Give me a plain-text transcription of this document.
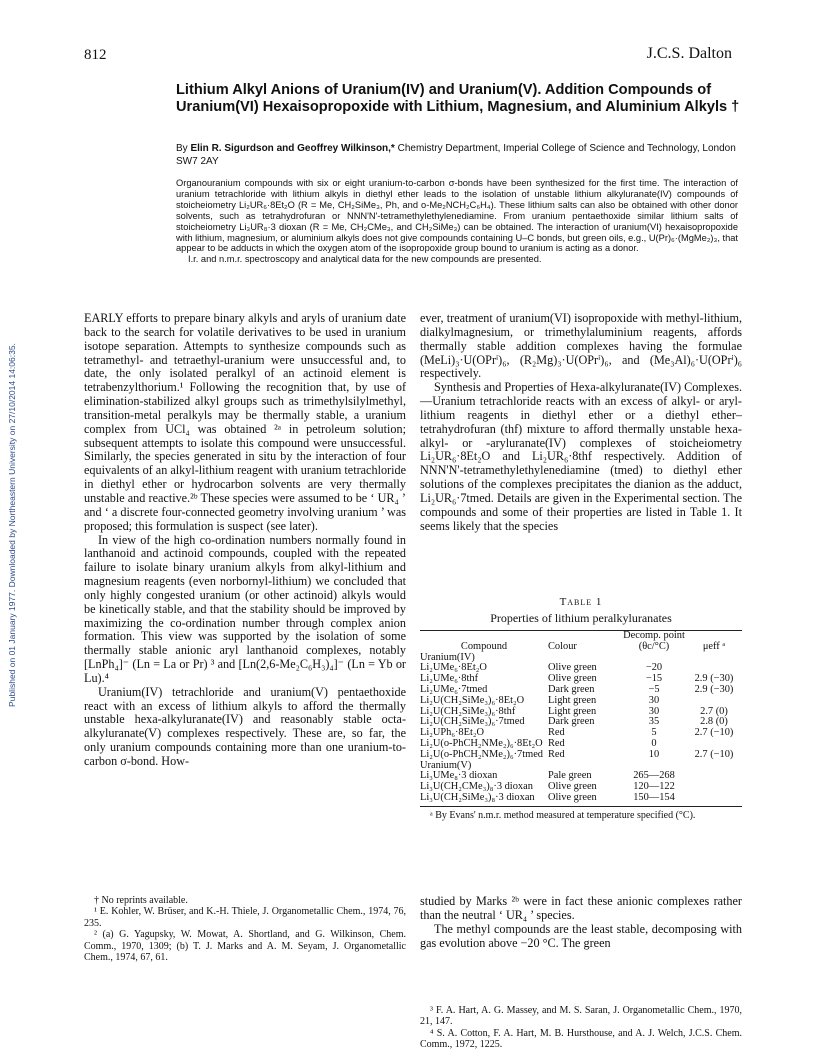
Published on 01 January 1977. Downloaded by Northeastern University on 27/10/2014 14:06:35.
812	J.C.S. Dalton
Lithium Alkyl Anions of Uranium(IV) and Uranium(V). Addition Compounds of Uranium(VI) Hexaisopropoxide with Lithium, Magnesium, and Aluminium Alkyls †
By Elin R. Sigurdson and Geoffrey Wilkinson,* Chemistry Department, Imperial College of Science and Technology, London SW7 2AY

Organouranium compounds with six or eight uranium-to-carbon σ-bonds have been synthesized for the first time. The interaction of uranium tetrachloride with lithium alkyls in diethyl ether leads to the isolation of unstable lithium alkyluranate(IV) compounds of stoicheiometry Li₂UR₆·8Et₂O (R = Me, CH₂SiMe₃, Ph, and o-Me₂NCH₂C₆H₄). These lithium salts can also be obtained with other donor solvents, such as tetrahydrofuran or NNN'N'-tetramethylethylenediamine. From uranium pentaethoxide similar lithium salts of stoicheiometry Li₃UR₈·3 dioxan (R = Me, CH₂CMe₃, and CH₂SiMe₃) can be obtained. The interaction of uranium(VI) hexaisopropoxide with lithium, magnesium, or aluminium alkyls does not give compounds containing U–C bonds, but green oils, e.g., U(Pr)₆·(MgMe₂)₃, that appear to be adducts in which the oxygen atom of the isopropoxide group bound to uranium is acting as a donor.

I.r. and n.m.r. spectroscopy and analytical data for the new compounds are presented.

EARLY efforts to prepare binary alkyls and aryls of uranium date back to the search for volatile derivatives to be used in uranium isotope separation. Attempts to synthesize compounds such as tetramethyl- and tetraethyl-uranium were unsuccessful and, to date, the only isolated peralkyl of an actinoid element is tetrabenzylthorium.¹ Following the recognition that, by use of elimination-stabilized alkyl groups such as trimethylsilylmethyl, transition-metal peralkyls may be thermally stable, a uranium complex from UCl₄ was obtained ²ᵃ in petroleum solution; subsequent attempts to isolate this compound were unsuccessful. Similarly, the species generated in situ by the interaction of four equivalents of an alkyl-lithium reagent with uranium tetrachloride in diethyl ether or hydrocarbon solvents are very thermally unstable and reactive.²ᵇ These species were assumed to be ‘ UR₄ ’ and ‘ a discrete four-connected geometry involving uranium ’ was proposed; this formulation is suspect (see later).

In view of the high co-ordination numbers normally found in lanthanoid and actinoid compounds, coupled with the repeated failure to isolate binary uranium alkyls from alkyl-lithium and magnesium reagents (even norbornyl-lithium) we concluded that only highly congested uranium (or other actinoid) alkyls would be kinetically stable, and that the stability should be improved by maximizing the co-ordination number through complex anion formation. This view was supported by the isolation of some thermally stable anionic aryl lanthanoid complexes, notably [LnPh₄]⁻ (Ln = La or Pr) ³ and [Ln(2,6-Me₂C₆H₃)₄]⁻ (Ln = Yb or Lu).⁴

Uranium(IV) tetrachloride and uranium(V) pentaethoxide react with an excess of lithium alkyls to afford the thermally unstable hexa-alkyluranate(IV) and reasonably stable octa-alkyluranate(V) complexes respectively. These are, so far, the only uranium compounds containing more than one uranium-to-carbon σ-bond. How-

† No reprints available.

¹ E. Kohler, W. Brüser, and K.-H. Thiele, J. Organometallic Chem., 1974, 76, 235.

² (a) G. Yagupsky, W. Mowat, A. Shortland, and G. Wilkinson, Chem. Comm., 1970, 1309; (b) T. J. Marks and A. M. Seyam, J. Organometallic Chem., 1974, 67, 61.

ever, treatment of uranium(VI) isopropoxide with methyl-lithium, dialkylmagnesium, or trimethylaluminium reagents, affords thermally stable addition complexes having the formulae (MeLi)₃·U(OPrⁱ)₆, (R₂Mg)₃·U(OPrⁱ)₆, and (Me₃Al)₆·U(OPrⁱ)₆ respectively.

Synthesis and Properties of Hexa-alkyluranate(IV) Complexes.—Uranium tetrachloride reacts with an excess of alkyl- or aryl-lithium reagents in diethyl ether or a diethyl ether–tetrahydrofuran (thf) mixture to afford thermally unstable hexa-alkyl- or -aryluranate(IV) complexes of stoicheiometry Li₂UR₆·8Et₂O and Li₂UR₆·8thf respectively. Addition of NNN'N'-tetramethylethylenediamine (tmed) to diethyl ether solutions of the complexes precipitates the dianion as the adduct, Li₂UR₆·7tmed. Details are given in the Experimental section. The compounds and some of their properties are listed in Table 1. It seems likely that the species

Table 1
Properties of lithium peralkyluranates

Compound	Colour	Decomp. point (θc/°C)	μeff ᵃ
Uranium(IV)			
Li₂UMe₆·8Et₂O	Olive green	−20	
Li₂UMe₆·8thf	Olive green	−15	2.9 (−30)
Li₂UMe₆·7tmed	Dark green	−5	2.9 (−30)
Li₂U(CH₂SiMe₃)₆·8Et₂O	Light green	30	
Li₂U(CH₂SiMe₃)₆·8thf	Light green	30	2.7 (0)
Li₂U(CH₂SiMe₃)₆·7tmed	Dark green	35	2.8 (0)
Li₂UPh₆·8Et₂O	Red	5	2.7 (−10)
Li₂U(o-PhCH₂NMe₂)₆·8Et₂O	Red	0	
Li₂U(o-PhCH₂NMe₂)₆·7tmed	Red	10	2.7 (−10)
Uranium(V)			
Li₃UMe₈·3 dioxan	Pale green	265—268	
Li₃U(CH₂CMe₃)₈·3 dioxan	Olive green	120—122	
Li₃U(CH₂SiMe₃)₈·3 dioxan	Olive green	150—154	

ᵃ By Evans' n.m.r. method measured at temperature specified (°C).

studied by Marks ²ᵇ were in fact these anionic complexes rather than the neutral ‘ UR₄ ’ species.

The methyl compounds are the least stable, decomposing with gas evolution above −20 °C. The green

³ F. A. Hart, A. G. Massey, and M. S. Saran, J. Organometallic Chem., 1970, 21, 147.

⁴ S. A. Cotton, F. A. Hart, M. B. Hursthouse, and A. J. Welch, J.C.S. Chem. Comm., 1972, 1225.
